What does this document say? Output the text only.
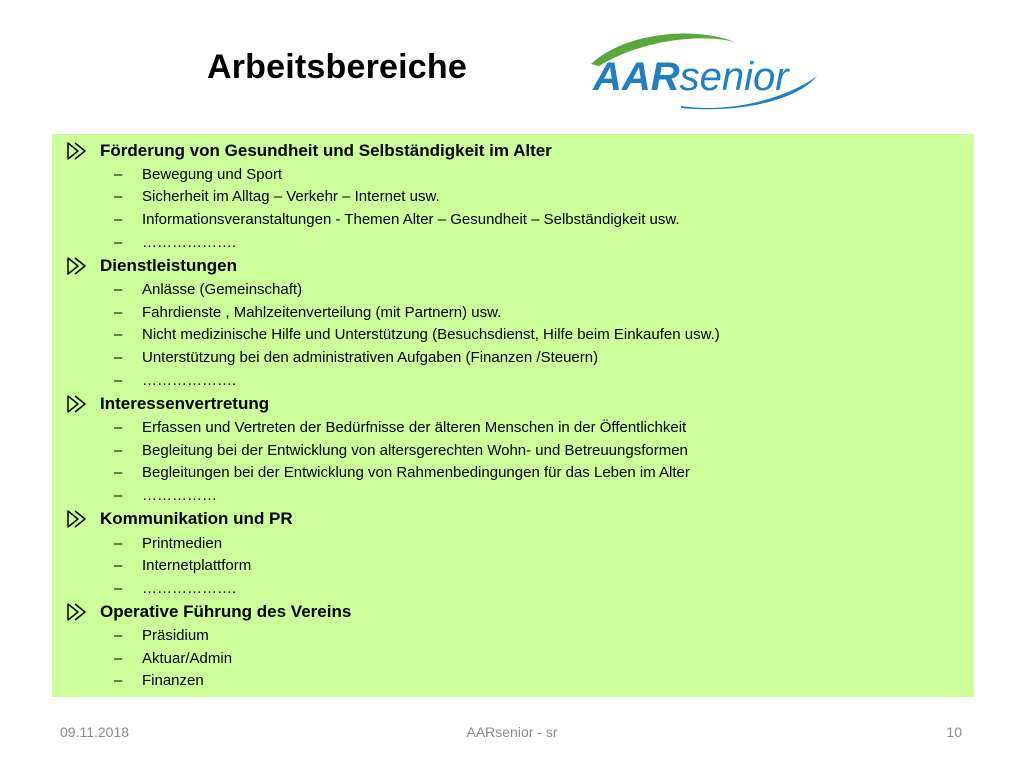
Arbeitsbereiche	AARsenior
Förderung von Gesundheit und Selbständigkeit im Alter
–	Bewegung und Sport
–	Sicherheit im Alltag – Verkehr – Internet usw.
–	Informationsveranstaltungen - Themen Alter – Gesundheit – Selbständigkeit usw.
–	……………….
Dienstleistungen
–	Anlässe (Gemeinschaft)
–	Fahrdienste , Mahlzeitenverteilung (mit Partnern) usw.
–	Nicht medizinische Hilfe und Unterstützung (Besuchsdienst, Hilfe beim Einkaufen usw.)
–	Unterstützung bei den administrativen Aufgaben (Finanzen /Steuern)
–	……………….
Interessenvertretung
–	Erfassen und Vertreten der Bedürfnisse der älteren Menschen in der Öffentlichkeit
–	Begleitung bei der Entwicklung von altersgerechten Wohn- und Betreuungsformen
–	Begleitungen bei der Entwicklung von Rahmenbedingungen für das Leben im Alter
–	……………
Kommunikation und PR
–	Printmedien
–	Internetplattform
–	……………….
Operative Führung des Vereins
–	Präsidium
–	Aktuar/Admin
–	Finanzen
09.11.2018	AARsenior - sr	10
